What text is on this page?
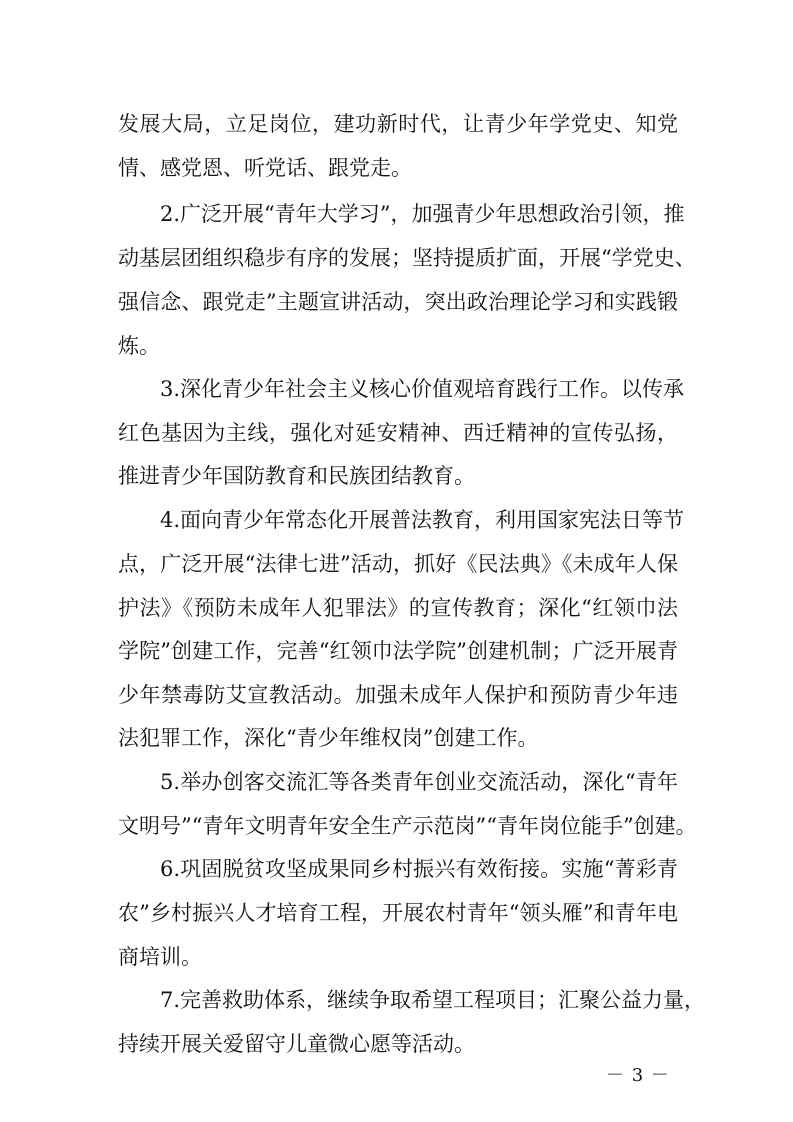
发展大局，立足岗位，建功新时代，让青少年学党史、知党
情、感党恩、听党话、跟党走。
2.广泛开展“青年大学习”，加强青少年思想政治引领，推
动基层团组织稳步有序的发展；坚持提质扩面，开展“学党史、
强信念、跟党走”主题宣讲活动，突出政治理论学习和实践锻
炼。
3.深化青少年社会主义核心价值观培育践行工作。以传承
红色基因为主线，强化对延安精神、西迁精神的宣传弘扬，
推进青少年国防教育和民族团结教育。
4.面向青少年常态化开展普法教育，利用国家宪法日等节
点，广泛开展“法律七进”活动，抓好《民法典》《未成年人保
护法》《预防未成年人犯罪法》的宣传教育；深化“红领巾法
学院”创建工作，完善“红领巾法学院”创建机制；广泛开展青
少年禁毒防艾宣教活动。加强未成年人保护和预防青少年违
法犯罪工作，深化“青少年维权岗”创建工作。
5.举办创客交流汇等各类青年创业交流活动，深化“青年
文明号”“青年文明青年安全生产示范岗”“青年岗位能手”创建。
6.巩固脱贫攻坚成果同乡村振兴有效衔接。实施“菁彩青
农”乡村振兴人才培育工程，开展农村青年“领头雁”和青年电
商培训。
7.完善救助体系，继续争取希望工程项目；汇聚公益力量，
持续开展关爱留守儿童微心愿等活动。
－ 3 －
